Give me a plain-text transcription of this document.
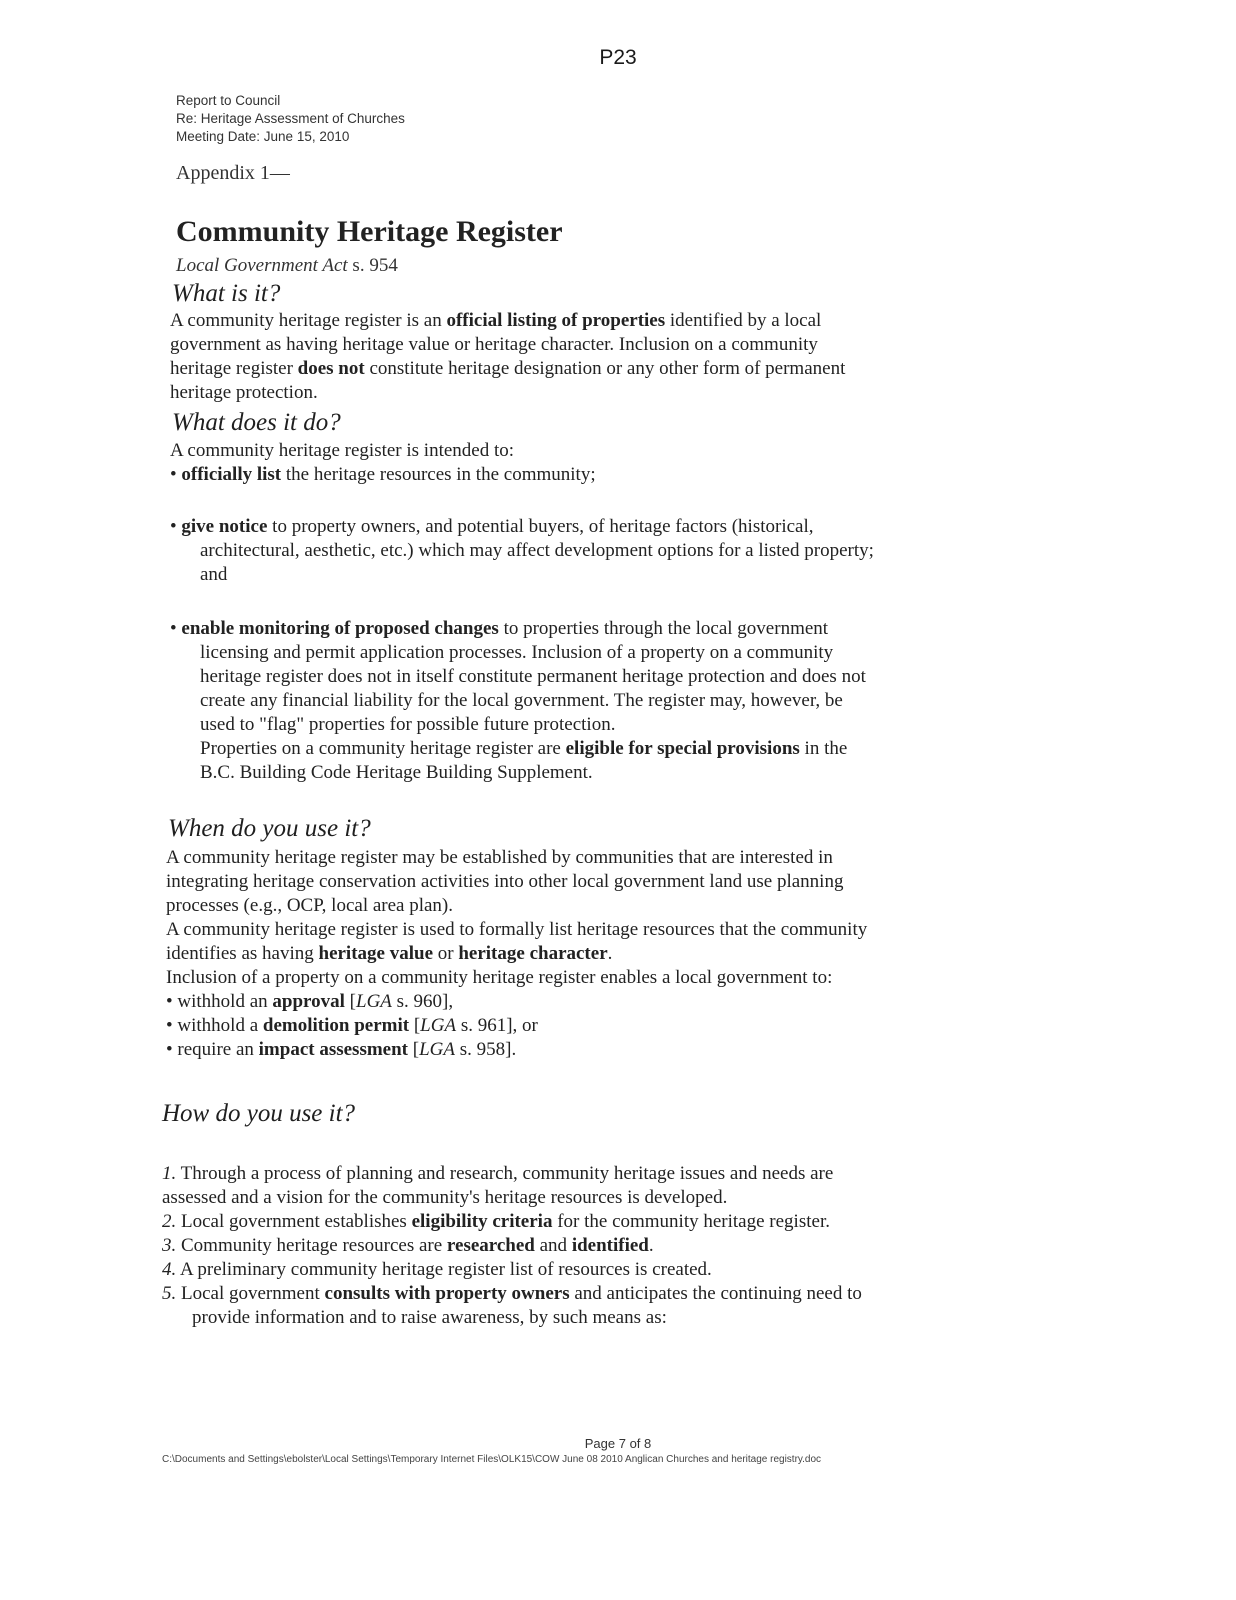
P23
Report to Council
Re: Heritage Assessment of Churches
Meeting Date: June 15, 2010
Appendix 1—
Community Heritage Register
Local Government Act s. 954
What is it?
A community heritage register is an official listing of properties identified by a local
government as having heritage value or heritage character. Inclusion on a community
heritage register does not constitute heritage designation or any other form of permanent
heritage protection.
What does it do?
A community heritage register is intended to:
• officially list the heritage resources in the community;
• give notice to property owners, and potential buyers, of heritage factors (historical,
architectural, aesthetic, etc.) which may affect development options for a listed property;
and
• enable monitoring of proposed changes to properties through the local government
licensing and permit application processes. Inclusion of a property on a community
heritage register does not in itself constitute permanent heritage protection and does not
create any financial liability for the local government. The register may, however, be
used to "flag" properties for possible future protection.
Properties on a community heritage register are eligible for special provisions in the
B.C. Building Code Heritage Building Supplement.
When do you use it?
A community heritage register may be established by communities that are interested in
integrating heritage conservation activities into other local government land use planning
processes (e.g., OCP, local area plan).
A community heritage register is used to formally list heritage resources that the community
identifies as having heritage value or heritage character.
Inclusion of a property on a community heritage register enables a local government to:
• withhold an approval [LGA s. 960],
• withhold a demolition permit [LGA s. 961], or
• require an impact assessment [LGA s. 958].
How do you use it?
1. Through a process of planning and research, community heritage issues and needs are
assessed and a vision for the community's heritage resources is developed.
2. Local government establishes eligibility criteria for the community heritage register.
3. Community heritage resources are researched and identified.
4. A preliminary community heritage register list of resources is created.
5. Local government consults with property owners and anticipates the continuing need to
provide information and to raise awareness, by such means as:
Page 7 of 8
C:\Documents and Settings\ebolster\Local Settings\Temporary Internet Files\OLK15\COW June 08 2010 Anglican Churches and heritage registry.doc
